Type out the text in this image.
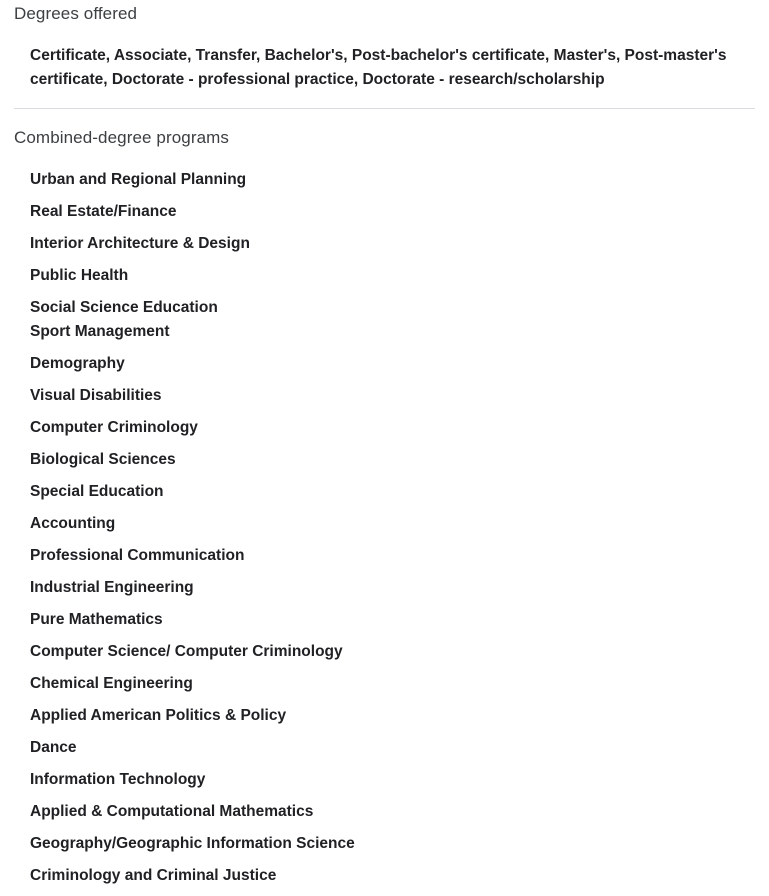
Degrees offered

Certificate, Associate, Transfer, Bachelor's, Post-bachelor's certificate, Master's, Post-master's certificate, Doctorate - professional practice, Doctorate - research/scholarship

Combined-degree programs
Urban and Regional Planning
Real Estate/Finance
Interior Architecture & Design
Public Health
Social Science Education
Sport Management
Demography
Visual Disabilities
Computer Criminology
Biological Sciences
Special Education
Accounting
Professional Communication
Industrial Engineering
Pure Mathematics
Computer Science/ Computer Criminology
Chemical Engineering
Applied American Politics & Policy
Dance
Information Technology
Applied & Computational Mathematics
Geography/Geographic Information Science
Criminology and Criminal Justice
